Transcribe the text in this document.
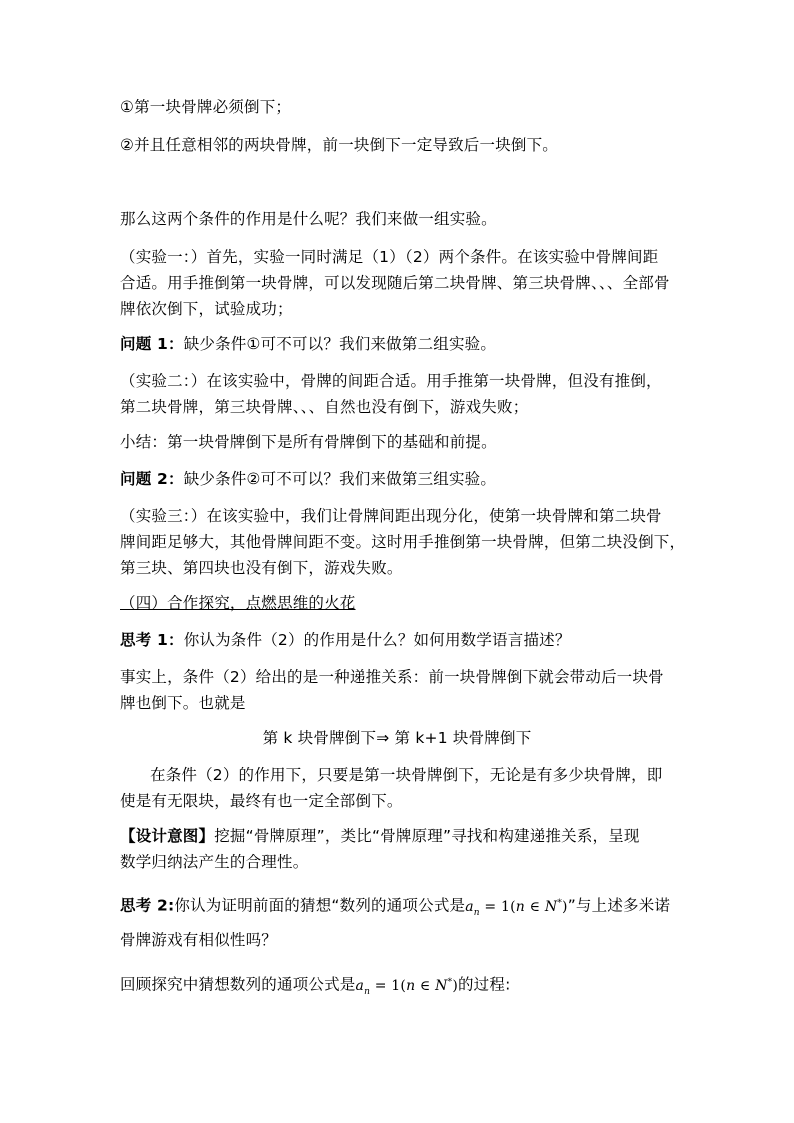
①第一块骨牌必须倒下；
②并且任意相邻的两块骨牌，前一块倒下一定导致后一块倒下。
那么这两个条件的作用是什么呢？我们来做一组实验。
（实验一：）首先，实验一同时满足（1）（2）两个条件。在该实验中骨牌间距
合适。用手推倒第一块骨牌，可以发现随后第二块骨牌、第三块骨牌、、、全部骨
牌依次倒下，试验成功；
问题 1：缺少条件①可不可以？我们来做第二组实验。
（实验二：）在该实验中，骨牌的间距合适。用手推第一块骨牌，但没有推倒，
第二块骨牌，第三块骨牌、、、自然也没有倒下，游戏失败；
小结：第一块骨牌倒下是所有骨牌倒下的基础和前提。
问题 2：缺少条件②可不可以？我们来做第三组实验。
（实验三：）在该实验中，我们让骨牌间距出现分化，使第一块骨牌和第二块骨
牌间距足够大，其他骨牌间距不变。这时用手推倒第一块骨牌，但第二块没倒下，
第三块、第四块也没有倒下，游戏失败。
（四）合作探究，点燃思维的火花
思考 1：你认为条件（2）的作用是什么？如何用数学语言描述？
事实上，条件（2）给出的是一种递推关系：前一块骨牌倒下就会带动后一块骨
牌也倒下。也就是
第 k 块骨牌倒下⇒ 第 k+1 块骨牌倒下
在条件（2）的作用下，只要是第一块骨牌倒下，无论是有多少块骨牌，即
使是有无限块，最终有也一定全部倒下。
【设计意图】挖掘“骨牌原理”，类比“骨牌原理”寻找和构建递推关系，呈现
数学归纳法产生的合理性。
思考 2:你认为证明前面的猜想“数列的通项公式是$a_n = 1(n$ ∈ N*)”与上述多米诺
骨牌游戏有相似性吗？
回顾探究中猜想数列的通项公式是$a_n = 1(n$ ∈ N*)的过程:
